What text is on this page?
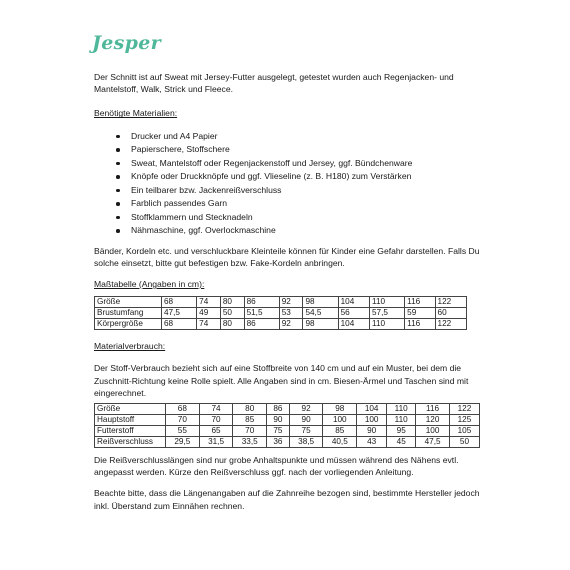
Jesper

Der Schnitt ist auf Sweat mit Jersey-Futter ausgelegt, getestet wurden auch Regenjacken- und Mantelstoff, Walk, Strick und Fleece.

Benötigte Materialien:

Drucker und A4 Papier
Papierschere, Stoffschere
Sweat, Mantelstoff oder Regenjackenstoff und Jersey, ggf. Bündchenware
Knöpfe oder Druckknöpfe und ggf. Vlieseline (z. B. H180) zum Verstärken
Ein teilbarer bzw. Jackenreißverschluss
Farblich passendes Garn
Stoffklammern und Stecknadeln
Nähmaschine, ggf. Overlockmaschine

Bänder, Kordeln etc. und verschluckbare Kleinteile können für Kinder eine Gefahr darstellen. Falls Du solche einsetzt, bitte gut befestigen bzw. Fake-Kordeln anbringen.

Maßtabelle (Angaben in cm):

Größe	68	74	80	86	92	98	104	110	116	122
Brustumfang	47,5	49	50	51,5	53	54,5	56	57,5	59	60
Körpergröße	68	74	80	86	92	98	104	110	116	122

Materialverbrauch:

Der Stoff-Verbrauch bezieht sich auf eine Stoffbreite von 140 cm und auf ein Muster, bei dem die Zuschnitt-Richtung keine Rolle spielt. Alle Angaben sind in cm. Biesen-Ärmel und Taschen sind mit eingerechnet.

Größe	68	74	80	86	92	98	104	110	116	122
Hauptstoff	70	70	85	90	90	100	100	110	120	125
Futterstoff	55	65	70	75	75	85	90	95	100	105
Reißverschluss	29,5	31,5	33,5	36	38,5	40,5	43	45	47,5	50

Die Reißverschlusslängen sind nur grobe Anhaltspunkte und müssen während des Nähens evtl. angepasst werden. Kürze den Reißverschluss ggf. nach der vorliegenden Anleitung.

Beachte bitte, dass die Längenangaben auf die Zahnreihe bezogen sind, bestimmte Hersteller jedoch inkl. Überstand zum Einnähen rechnen.
